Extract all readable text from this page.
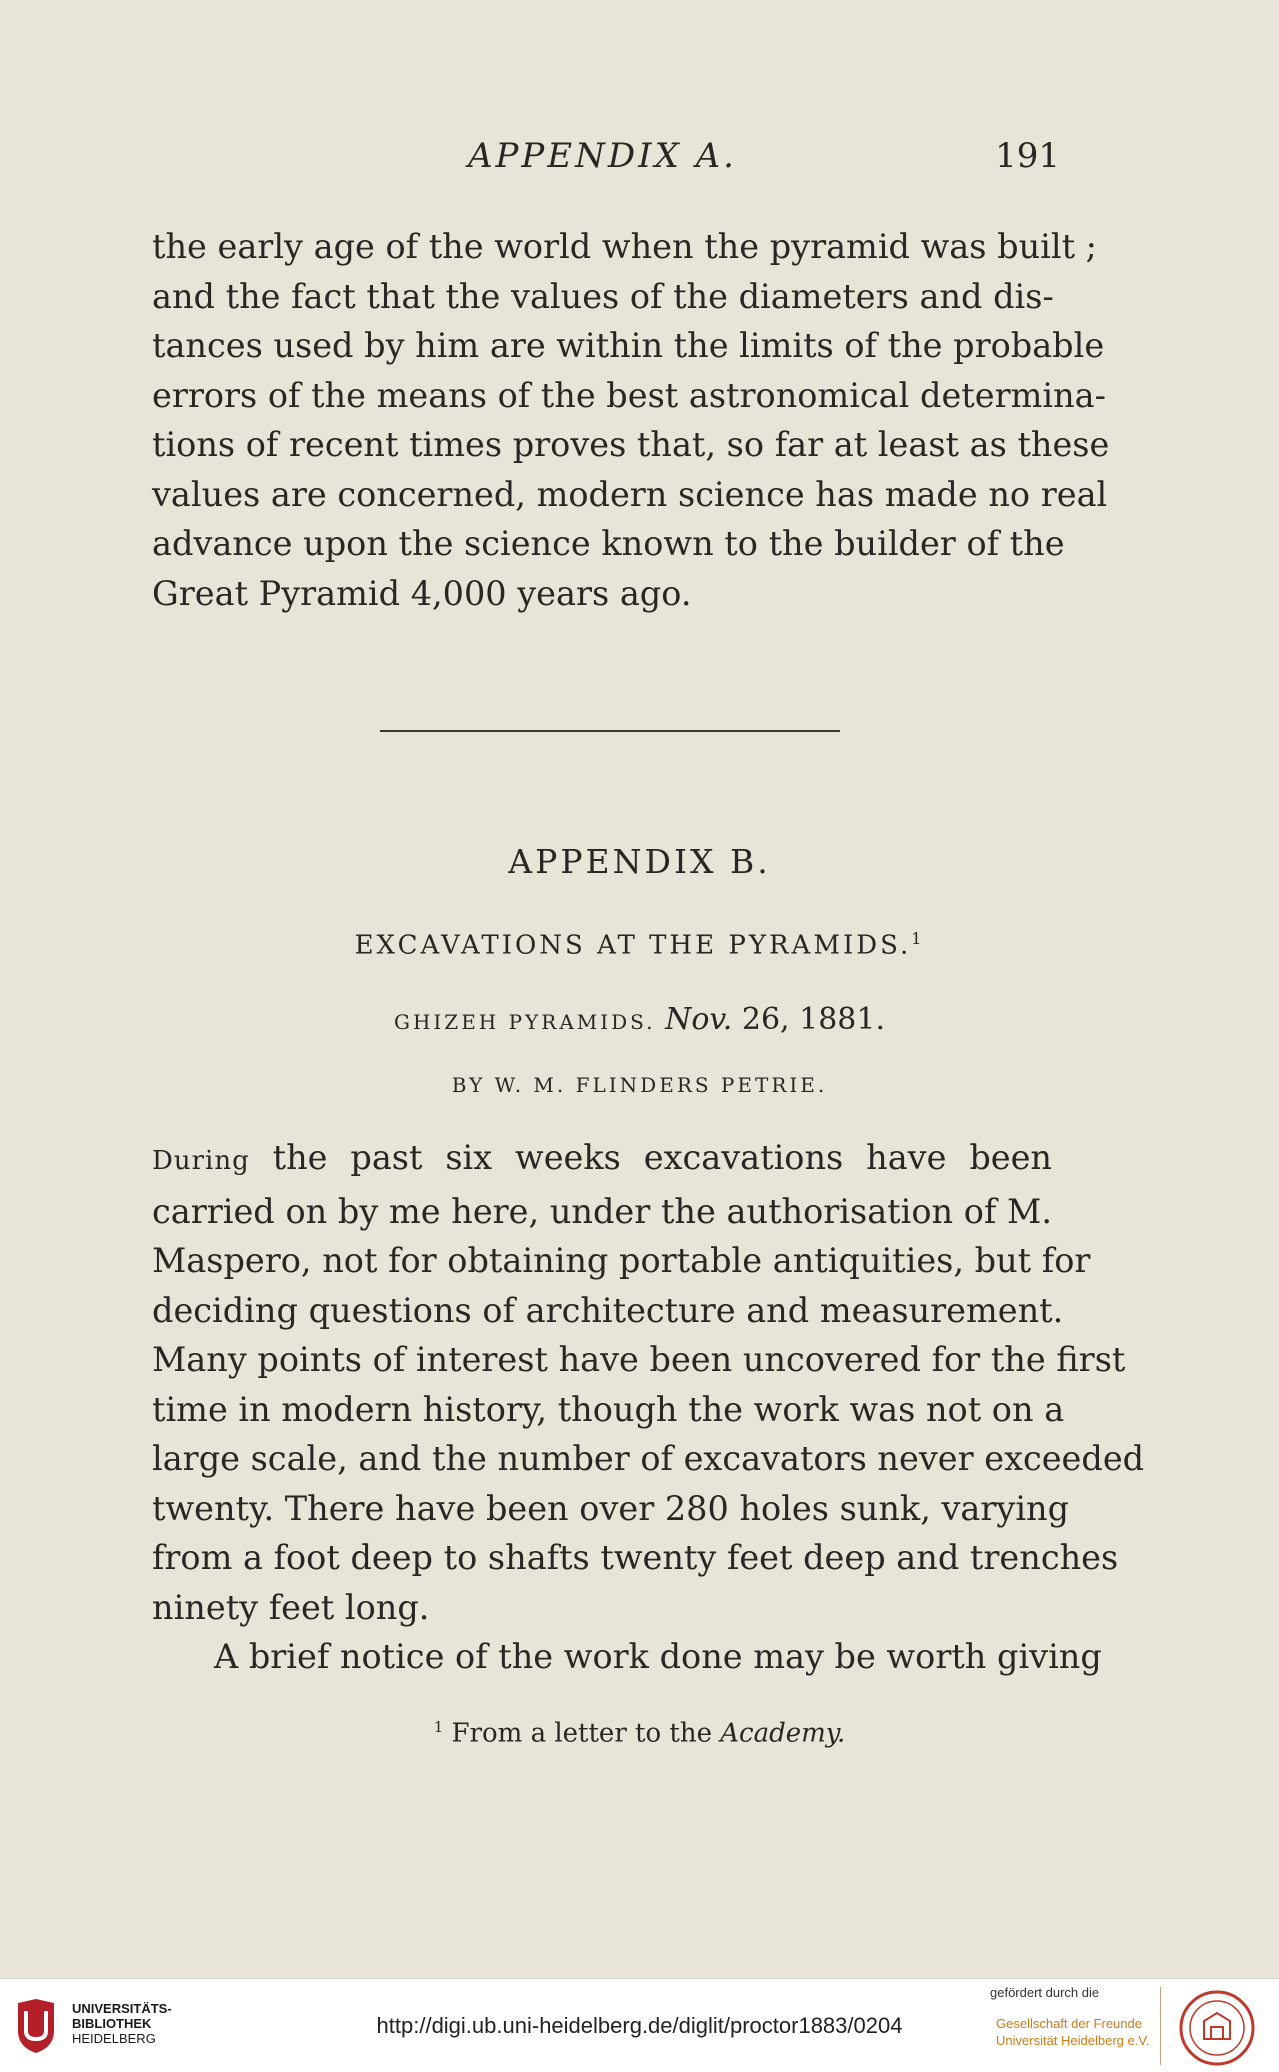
APPENDIX A.	191
the early age of the world when the pyramid was built ;
and the fact that the values of the diameters and dis-
tances used by him are within the limits of the probable
errors of the means of the best astronomical determina-
tions of recent times proves that, so far at least as these
values are concerned, modern science has made no real
advance upon the science known to the builder of the
Great Pyramid 4,000 years ago.
APPENDIX B.
EXCAVATIONS AT THE PYRAMIDS.$^1$
GHIZEH PYRAMIDS. Nov. 26, 1881.
BY W. M. FLINDERS PETRIE.
During the past six weeks excavations have been
carried on by me here, under the authorisation of M.
Maspero, not for obtaining portable antiquities, but for
deciding questions of architecture and measurement.
Many points of interest have been uncovered for the first
time in modern history, though the work was not on a
large scale, and the number of excavators never exceeded
twenty. There have been over 280 holes sunk, varying
from a foot deep to shafts twenty feet deep and trenches
ninety feet long.
A brief notice of the work done may be worth giving
$^1$ From a letter to the Academy.
UNIVERSITÄTS-
BIBLIOTHEK
HEIDELBERG
http://digi.ub.uni-heidelberg.de/diglit/proctor1883/0204
gefördert durch die
Gesellschaft der Freunde
Universität Heidelberg e.V.
